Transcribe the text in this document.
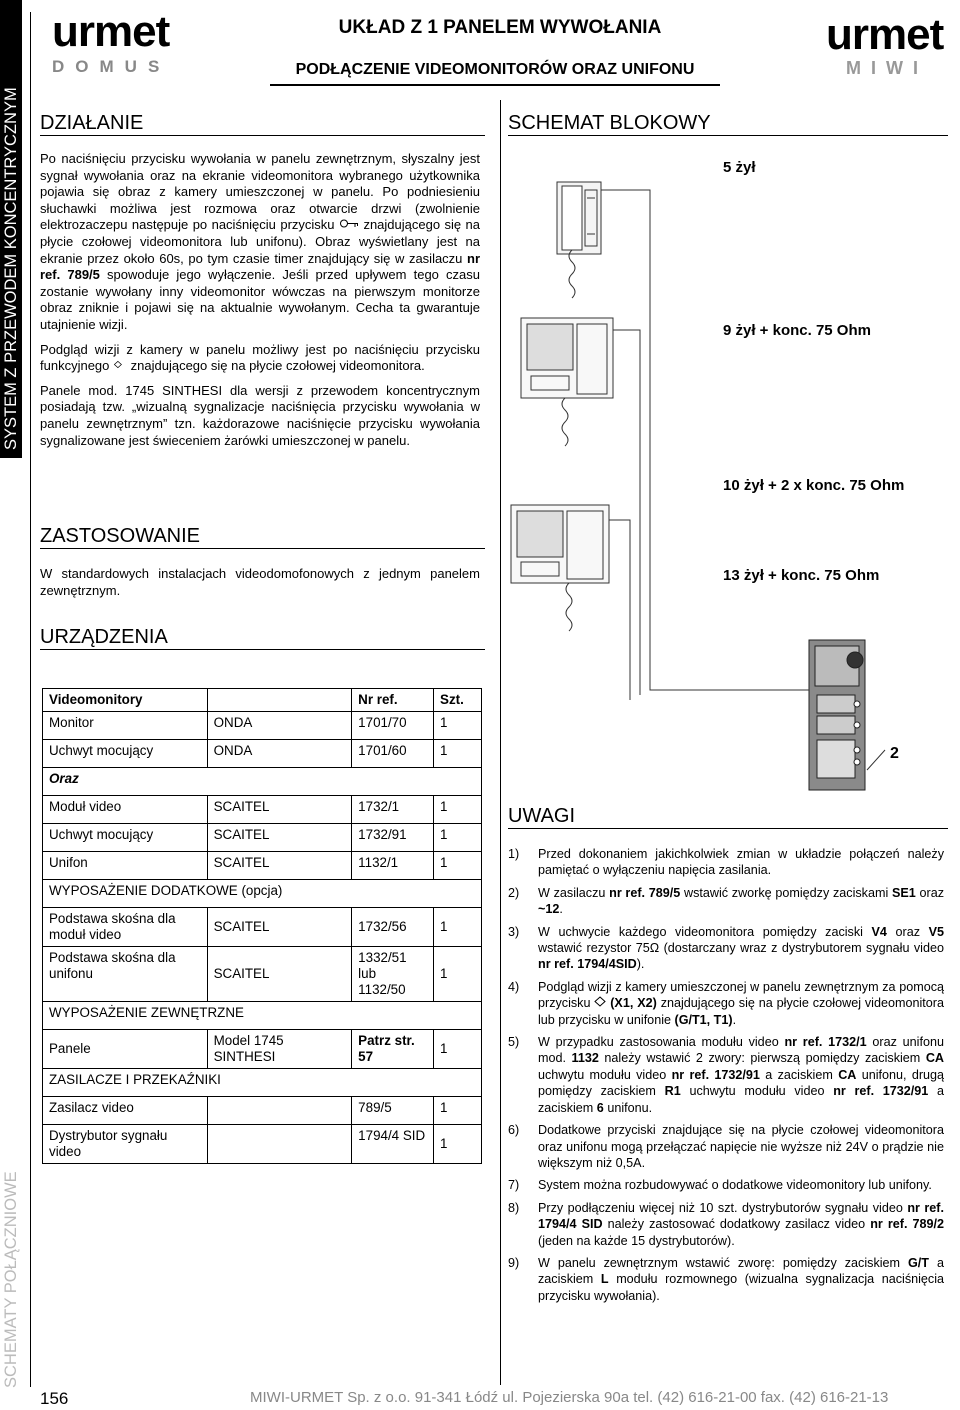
SYSTEM Z PRZEWODEM KONCENTRYCZNYM
SCHEMATY POŁĄCZNIOWE
urmet
DOMUS
urmet
MIWI
UKŁAD Z 1 PANELEM WYWOŁANIA
PODŁĄCZENIE VIDEOMONITORÓW ORAZ UNIFONU
DZIAŁANIE

Po naciśnięciu przycisku wywołania w panelu zewnętrznym, słyszalny jest sygnał wywołania oraz na ekranie videomonitora wybranego użytkownika pojawia się obraz z kamery umieszczonej w panelu. Po podniesieniu słuchawki możliwa jest rozmowa oraz otwarcie drzwi (zwolnienie elektrozaczepu następuje po naciśnięciu przycisku znajdującego się na płycie czołowej videomonitora lub unifonu). Obraz wyświetlany jest na ekranie przez około 60s, po tym czasie timer znajdujący się w zasilaczu nr ref. 789/5 spowoduje jego wyłączenie. Jeśli przed upływem tego czasu zostanie wywołany inny videomonitor wówczas na pierwszym monitorze obraz zniknie i pojawi się na aktualnie wywołanym. Cecha ta gwarantuje utajnienie wizji.

Podgląd wizji z kamery w panelu możliwy jest po naciśnięciu przycisku funkcyjnego znajdującego się na płycie czołowej videomonitora.

Panele mod. 1745 SINTHESI dla wersji z przewodem koncentrycznym posiadają tzw. „wizualną sygnalizacje naciśnięcia przycisku wywołania w panelu zewnętrznym” tzn. każdorazowe naciśnięcie przycisku wywołania sygnalizowane jest świeceniem żarówki umieszczonej w panelu.

ZASTOSOWANIE
W standardowych instalacjach videodomofonowych z jednym panelem zewnętrznym.
URZĄDZENIA
Videomonitory		Nr ref.	Szt.
Monitor	ONDA	1701/70	1
Uchwyt mocujący	ONDA	1701/60	1
Oraz			
Moduł video	SCAITEL	1732/1	1
Uchwyt mocujący	SCAITEL	1732/91	1
Unifon	SCAITEL	1132/1	1
WYPOSAŻENIE DODATKOWE (opcja)			
Podstawa skośna dla moduł video	SCAITEL	1732/56	1
Podstawa skośna dla unifonu	SCAITEL	1332/51 lub 1132/50	1
WYPOSAŻENIE ZEWNĘTRZNE			
Panele	Model 1745 SINTHESI	Patrz str. 57	1
ZASILACZE I PRZEKAŹNIKI			
Zasilacz video		789/5	1
Dystrybutor sygnału video		1794/4 SID	1
SCHEMAT BLOKOWY
5 żył
9 żył + konc. 75 Ohm
10 żył + 2 x konc. 75 Ohm
13 żył + konc. 75 Ohm
2
UWAGI
1)	Przed dokonaniem jakichkolwiek zmian w układzie połączeń należy pamiętać o wyłączeniu napięcia zasilania.
2)	W zasilaczu nr ref. 789/5 wstawić zworkę pomiędzy zaciskami SE1 oraz ~12.
3)	W uchwycie każdego videomonitora pomiędzy zaciski V4 oraz V5 wstawić rezystor 75Ω (dostarczany wraz z dystrybutorem sygnału video nr ref. 1794/4SID).
4)	Podgląd wizji z kamery umieszczonej w panelu zewnętrznym za pomocą przycisku (X1, X2) znajdującego się na płycie czołowej videomonitora lub przycisku w unifonie (G/T1, T1).
5)	W przypadku zastosowania modułu video nr ref. 1732/1 oraz unifonu mod. 1132 należy wstawić 2 zwory: pierwszą pomiędzy zaciskiem CA uchwytu modułu video nr ref. 1732/91 a zaciskiem CA unifonu, drugą pomiędzy zaciskiem R1 uchwytu modułu video nr ref. 1732/91 a zaciskiem 6 unifonu.
6)	Dodatkowe przyciski znajdujące się na płycie czołowej videomonitora oraz unifonu mogą przełączać napięcie nie wyższe niż 24V o prądzie nie większym niż 0,5A.
7)	System można rozbudowywać o dodatkowe videomonitory lub unifony.
8)	Przy podłączeniu więcej niż 10 szt. dystrybutorów sygnału video nr ref. 1794/4 SID należy zastosować dodatkowy zasilacz video nr ref. 789/2 (jeden na każde 15 dystrybutorów).
9)	W panelu zewnętrznym wstawić zworę: pomiędzy zaciskiem G/T a zaciskiem L modułu rozmownego (wizualna sygnalizacja naciśnięcia przycisku wywołania).
156	MIWI-URMET Sp. z o.o. 91-341 Łódź ul. Pojezierska 90a tel. (42) 616-21-00 fax. (42) 616-21-13
